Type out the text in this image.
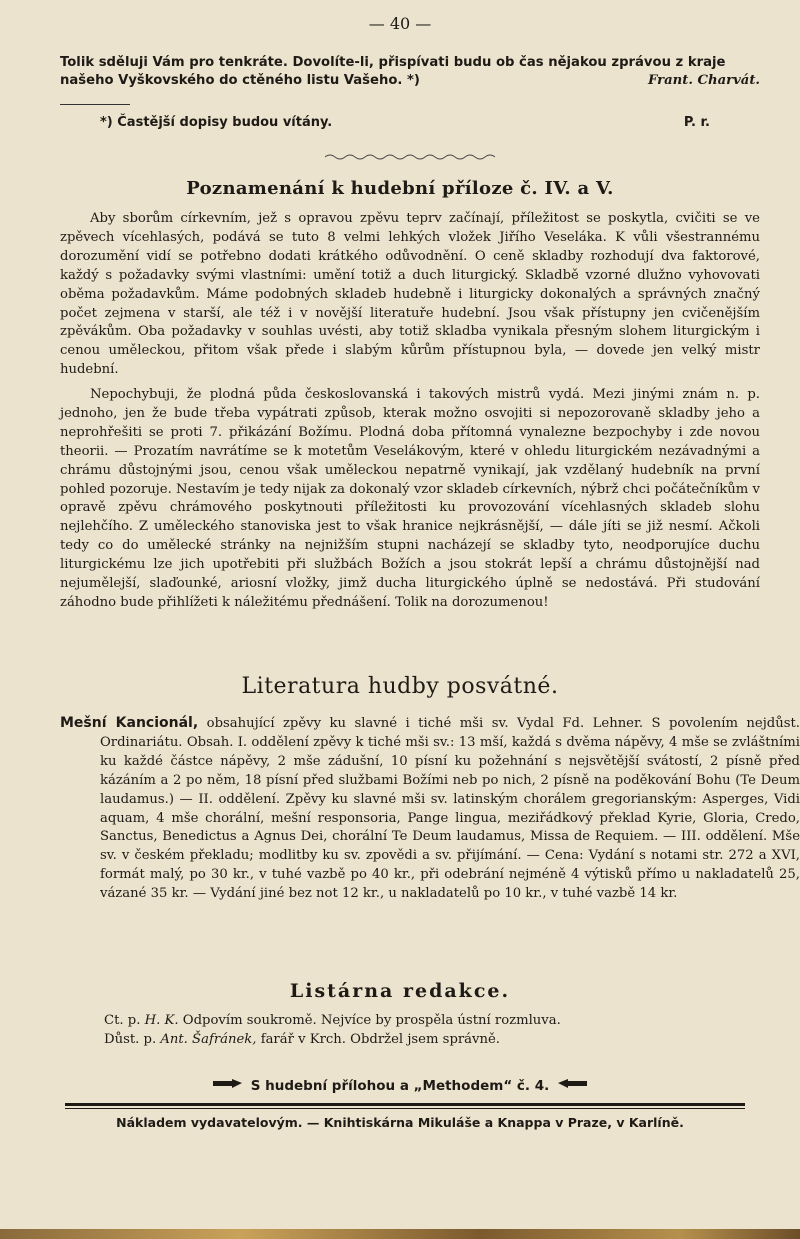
— 40 —
Tolik sděluji Vám pro tenkráte. Dovolíte-li, přispívati budu ob čas nějakou zprávou z kraje našeho Vyškovského do ctěného listu Vašeho. *)	Frant. Charvát.
*) Častější dopisy budou vítány.	P. r.
Poznamenání k hudební příloze č. IV. a V.

Aby sborům církevním, jež s opravou zpěvu teprv začínají, příležitost se poskytla, cvičiti se ve zpěvech vícehlasých, podává se tuto 8 velmi lehkých vložek Jiřího Veseláka. K vůli všestrannému dorozumění vidí se potřebno dodati krátkého odůvodnění. O ceně skladby rozhodují dva faktorové, každý s požadavky svými vlastními: umění totiž a duch liturgický. Skladbě vzorné dlužno vyhovovati oběma požadavkům. Máme podobných skladeb hudebně i liturgicky dokonalých a správných značný počet zejmena v starší, ale též i v novější literatuře hudební. Jsou však přístupny jen cvičenějším zpěvákům. Oba požadavky v souhlas uvésti, aby totiž skladba vynikala přesným slohem liturgickým i cenou uměleckou, přitom však přede i slabým kůrům přístupnou byla, — dovede jen velký mistr hudební.

Nepochybuji, že plodná půda českoslovanská i takových mistrů vydá. Mezi jinými znám n. p. jednoho, jen že bude třeba vypátrati způsob, kterak možno osvojiti si nepozorovaně skladby jeho a neprohřešiti se proti 7. přikázání Božímu. Plodná doba přítomná vynalezne bezpochyby i zde novou theorii. — Prozatím navrátíme se k motetům Veselákovým, které v ohledu liturgickém nezávadnými a chrámu důstojnými jsou, cenou však uměleckou nepatrně vynikají, jak vzdělaný hudebník na první pohled pozoruje. Nestavím je tedy nijak za dokonalý vzor skladeb církevních, nýbrž chci počátečníkům v opravě zpěvu chrámového poskytnouti příležitosti ku provozování vícehlasných skladeb slohu nejlehčího. Z uměleckého stanoviska jest to však hranice nejkrásnější, — dále jíti se již nesmí. Ačkoli tedy co do umělecké stránky na nejnižším stupni nacházejí se skladby tyto, neodporujíce duchu liturgickému lze jich upotřebiti při službách Božích a jsou stokrát lepší a chrámu důstojnější nad nejumělejší, slaďounké, ariosní vložky, jimž ducha liturgického úplně se nedostává. Při studování záhodno bude přihlížeti k náležitému přednášení. Tolik na dorozumenou!

Literatura hudby posvátné.
Mešní Kancionál, obsahující zpěvy ku slavné i tiché mši sv. Vydal Fd. Lehner. S povolením nejdůst. Ordinariátu. Obsah. I. oddělení zpěvy k tiché mši sv.: 13 mší, každá s dvěma nápěvy, 4 mše se zvláštními ku každé částce nápěvy, 2 mše zádušní, 10 písní ku požehnání s nejsvětější svátostí, 2 písně před kázáním a 2 po něm, 18 písní před službami Božími neb po nich, 2 písně na poděkování Bohu (Te Deum laudamus.) — II. oddělení. Zpěvy ku slavné mši sv. latinským chorálem gregorianským: Asperges, Vidi aquam, 4 mše chorální, mešní responsoria, Pange lingua, meziřádkový překlad Kyrie, Gloria, Credo, Sanctus, Benedictus a Agnus Dei, chorální Te Deum laudamus, Missa de Requiem. — III. oddělení. Mše sv. v českém překladu; modlitby ku sv. zpovědi a sv. přijímání. — Cena: Vydání s notami str. 272 a XVI, formát malý, po 30 kr., v tuhé vazbě po 40 kr., při odebrání nejméně 4 výtisků přímo u nakladatelů 25, vázané 35 kr. — Vydání jiné bez not 12 kr., u nakladatelů po 10 kr., v tuhé vazbě 14 kr.
Listárna redakce.
Ct. p. H. K. Odpovím soukromě. Nejvíce by prospěla ústní rozmluva.
Důst. p. Ant. Šafránek, farář v Krch. Obdržel jsem správně.
S hudební přílohou a „Methodem“ č. 4.
Nákladem vydavatelovým. — Knihtiskárna Mikuláše a Knappa v Praze, v Karlíně.
